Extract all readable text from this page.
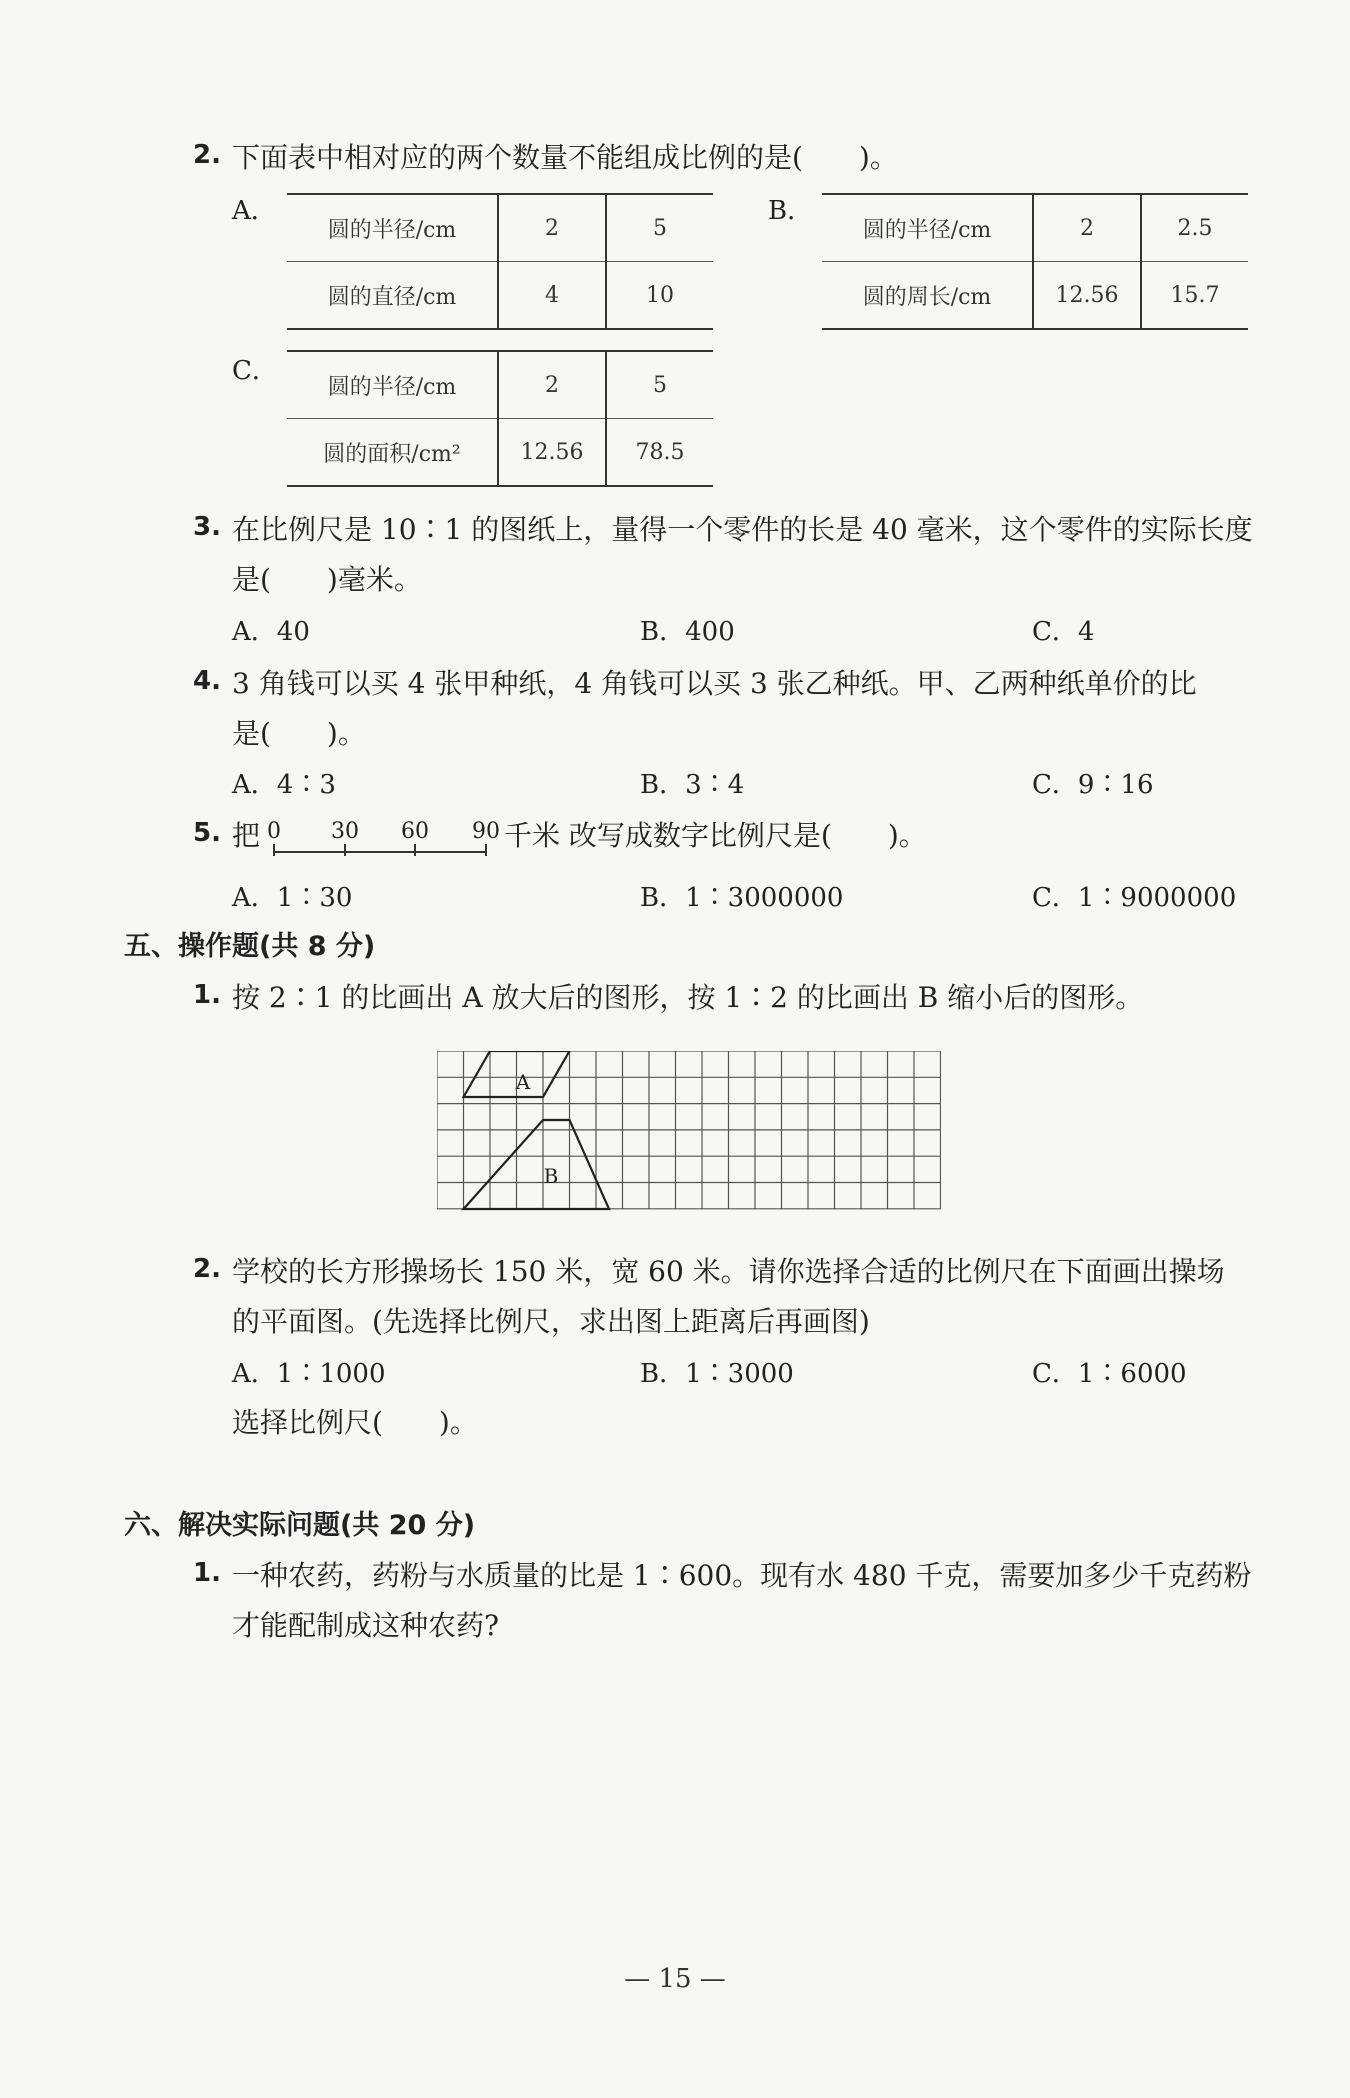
2. 下面表中相对应的两个数量不能组成比例的是(　　)。
A．
圆的半径/cm	2	5
圆的直径/cm	4	10
B．
圆的半径/cm	2	2.5
圆的周长/cm	12.56	15.7
C．
圆的半径/cm	2	5
圆的面积/cm²	12.56	78.5
3. 在比例尺是 10∶1 的图纸上，量得一个零件的长是 40 毫米，这个零件的实际长度
是(　　)毫米。
A．40	B．400	C．4
4. 3 角钱可以买 4 张甲种纸，4 角钱可以买 3 张乙种纸。甲、乙两种纸单价的比
是(　　)。
A．4∶3	B．3∶4	C．9∶16
5. 把 0 30 60 90 千米 改写成数字比例尺是(　　)。
A．1∶30	B．1∶3000000	C．1∶9000000
五、操作题(共 8 分)
1. 按 2∶1 的比画出 A 放大后的图形，按 1∶2 的比画出 B 缩小后的图形。
A
B
2. 学校的长方形操场长 150 米，宽 60 米。请你选择合适的比例尺在下面画出操场
的平面图。(先选择比例尺，求出图上距离后再画图)
A．1∶1000	B．1∶3000	C．1∶6000
选择比例尺(　　)。
六、解决实际问题(共 20 分)
1. 一种农药，药粉与水质量的比是 1∶600。现有水 480 千克，需要加多少千克药粉
才能配制成这种农药?
— 15 —
